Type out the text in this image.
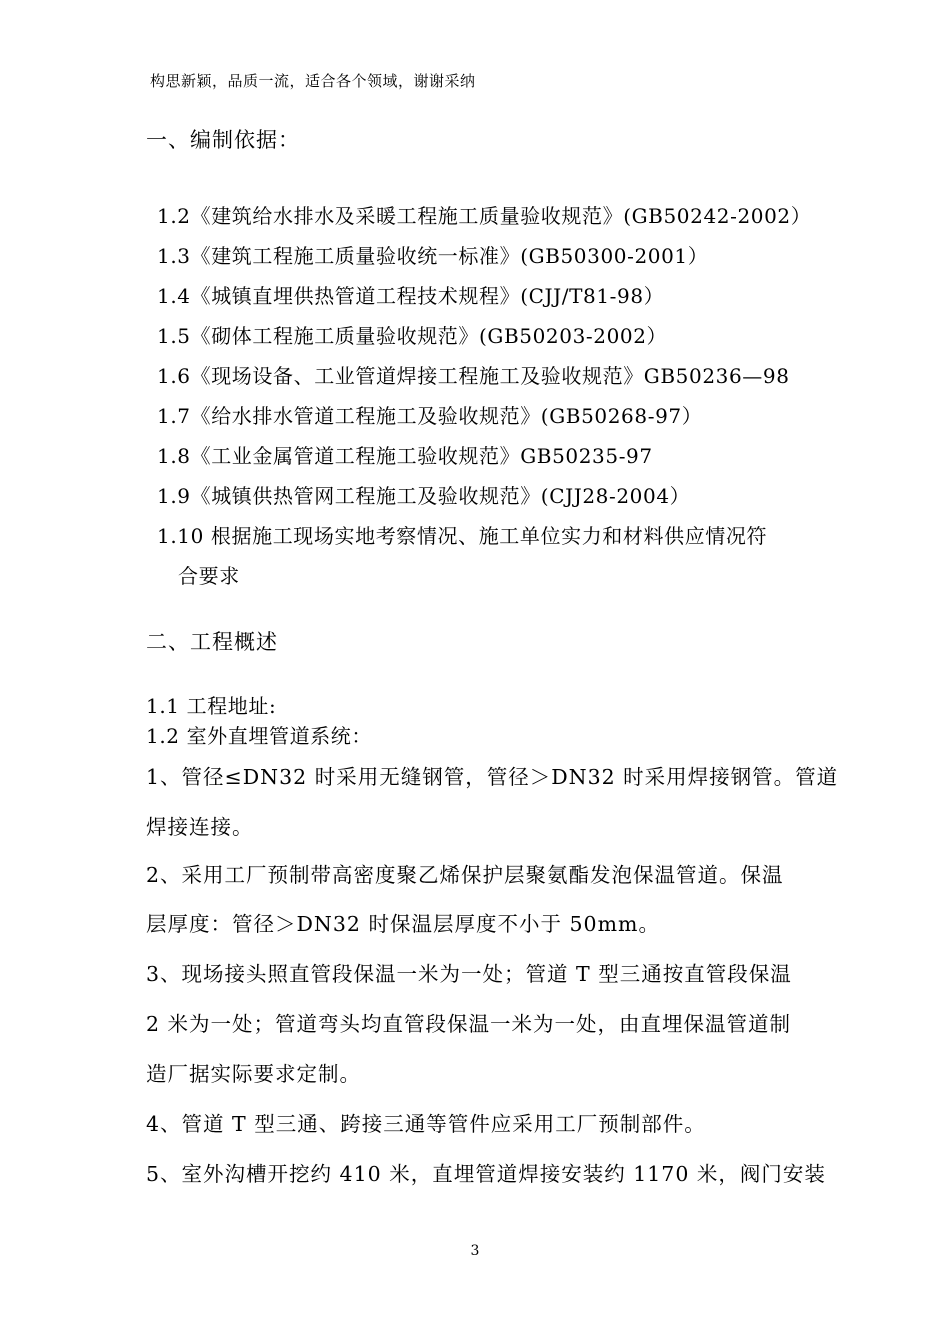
构思新颖，品质一流，适合各个领域，谢谢采纳
一、编制依据：
1.2《建筑给水排水及采暖工程施工质量验收规范》(GB50242-2002）
1.3《建筑工程施工质量验收统一标准》(GB50300-2001）
1.4《城镇直埋供热管道工程技术规程》(CJJ/T81-98）
1.5《砌体工程施工质量验收规范》(GB50203-2002）
1.6《现场设备、工业管道焊接工程施工及验收规范》GB50236—98
1.7《给水排水管道工程施工及验收规范》(GB50268-97）
1.8《工业金属管道工程施工验收规范》GB50235-97
1.9《城镇供热管网工程施工及验收规范》(CJJ28-2004）
1.10 根据施工现场实地考察情况、施工单位实力和材料供应情况符
合要求
二、工程概述
1.1 工程地址:
1.2 室外直埋管道系统：
1、管径≤DN32 时采用无缝钢管，管径＞DN32 时采用焊接钢管。管道
焊接连接。
2、采用工厂预制带高密度聚乙烯保护层聚氨酯发泡保温管道。保温
层厚度：管径＞DN32 时保温层厚度不小于 50mm。
3、现场接头照直管段保温一米为一处；管道 T 型三通按直管段保温
2 米为一处；管道弯头均直管段保温一米为一处，由直埋保温管道制
造厂据实际要求定制。
4、管道 T 型三通、跨接三通等管件应采用工厂预制部件。
5、室外沟槽开挖约 410 米，直埋管道焊接安装约 1170 米，阀门安装
3
